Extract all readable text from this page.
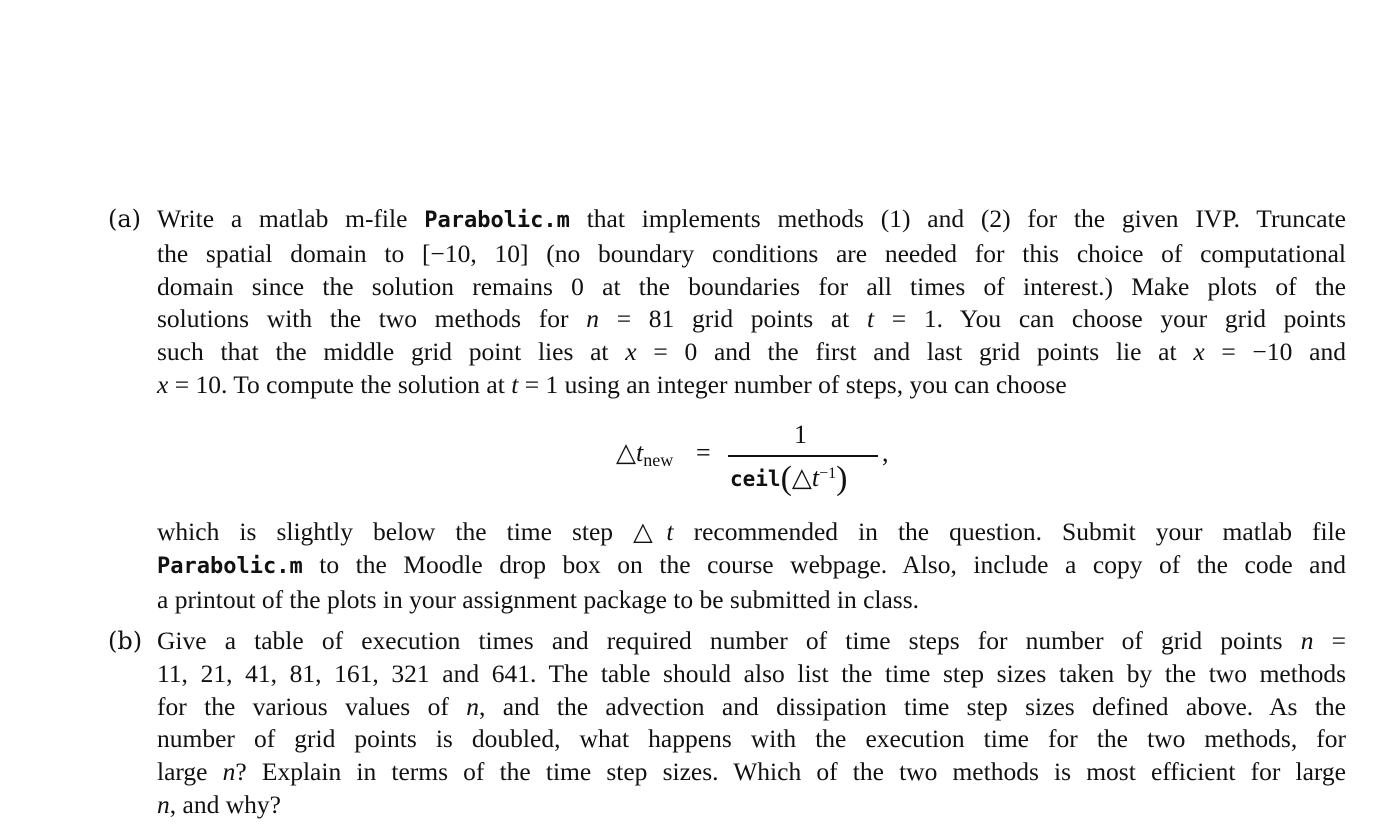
(a) Write a matlab m-file Parabolic.m that implements methods (1) and (2) for the given IVP. Truncate
the spatial domain to [−10, 10] (no boundary conditions are needed for this choice of computational
domain since the solution remains 0 at the boundaries for all times of interest.) Make plots of the
solutions with the two methods for n = 81 grid points at t = 1. You can choose your grid points
such that the middle grid point lies at x = 0 and the first and last grid points lie at x = −10 and
x = 10. To compute the solution at t = 1 using an integer number of steps, you can choose
$\triangle t_{new}$ =
1
$ceil(\triangle t^{-1})$
,
which is slightly below the time step △t recommended in the question. Submit your matlab file
Parabolic.m to the Moodle drop box on the course webpage. Also, include a copy of the code and
a printout of the plots in your assignment package to be submitted in class.
(b) Give a table of execution times and required number of time steps for number of grid points n =
11, 21, 41, 81, 161, 321 and 641. The table should also list the time step sizes taken by the two methods
for the various values of n, and the advection and dissipation time step sizes defined above. As the
number of grid points is doubled, what happens with the execution time for the two methods, for
large n? Explain in terms of the time step sizes. Which of the two methods is most efficient for large
n, and why?
